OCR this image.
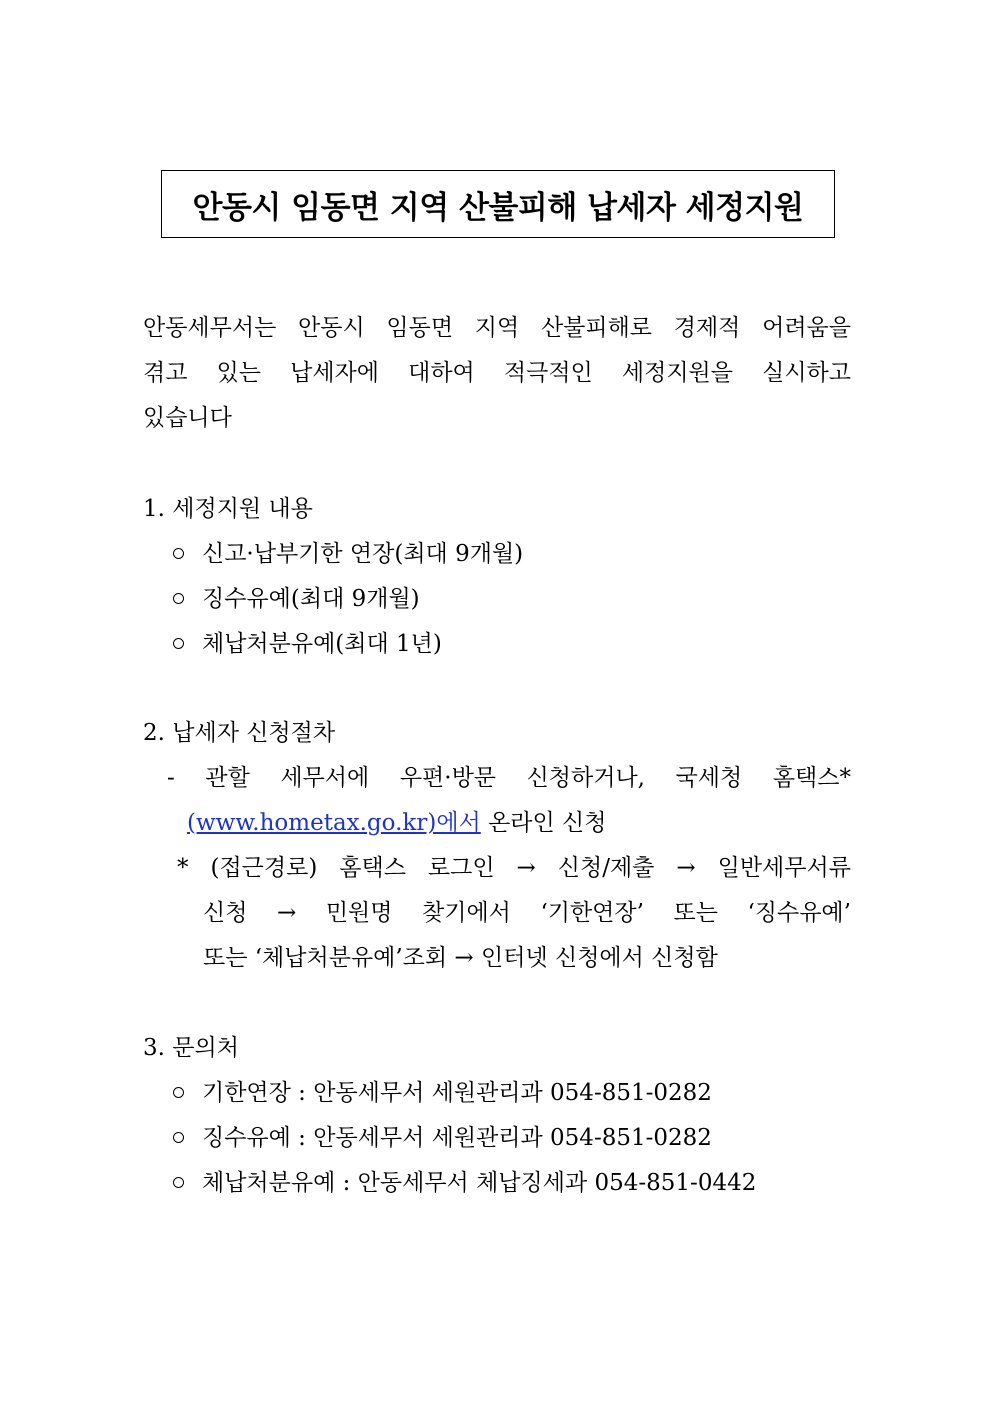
안동시 임동면 지역 산불피해 납세자 세정지원
안동세무서는 안동시 임동면 지역 산불피해로 경제적 어려움을
겪고 있는 납세자에 대하여 적극적인 세정지원을 실시하고
있습니다
1. 세정지원 내용
신고·납부기한 연장(최대 9개월)
징수유예(최대 9개월)
체납처분유예(최대 1년)
2. 납세자 신청절차
- 관할 세무서에 우편·방문 신청하거나, 국세청 홈택스*
(www.hometax.go.kr)에서 온라인 신청
* (접근경로) 홈택스 로그인 → 신청/제출 → 일반세무서류
신청 → 민원명 찾기에서 ‘기한연장’ 또는 ‘징수유예’
또는 ‘체납처분유예’조회 → 인터넷 신청에서 신청함
3. 문의처
기한연장 : 안동세무서 세원관리과 054-851-0282
징수유예 : 안동세무서 세원관리과 054-851-0282
체납처분유예 : 안동세무서 체납징세과 054-851-0442
